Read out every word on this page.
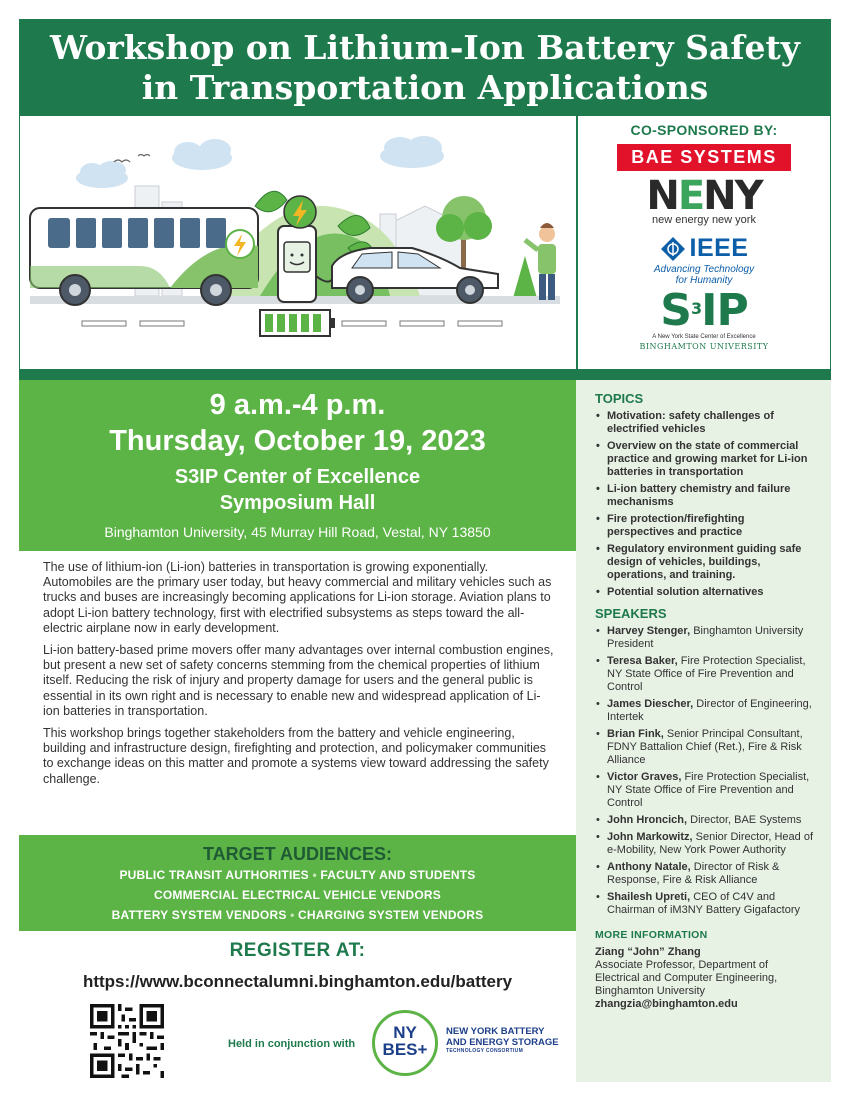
Workshop on Lithium-Ion Battery Safety
in Transportation Applications
CO-SPONSORED BY:
BAE SYSTEMS
NENY
new energy new york
IEEE
Advancing Technology
for Humanity
$S^3IP$
A New York State Center of Excellence
BINGHAMTON UNIVERSITY
9 a.m.-4 p.m.
Thursday, October 19, 2023
S3IP Center of Excellence
Symposium Hall
Binghamton University, 45 Murray Hill Road, Vestal, NY 13850

The use of lithium-ion (Li-ion) batteries in transportation is growing exponentially. Automobiles are the primary user today, but heavy commercial and military vehicles such as trucks and buses are increasingly becoming applications for Li-ion storage. Aviation plans to adopt Li-ion battery technology, first with electrified subsystems as steps toward the all-electric airplane now in early development.

Li-ion battery-based prime movers offer many advantages over internal combustion engines, but present a new set of safety concerns stemming from the chemical properties of lithium itself. Reducing the risk of injury and property damage for users and the general public is essential in its own right and is necessary to enable new and widespread application of Li-ion batteries in transportation.

This workshop brings together stakeholders from the battery and vehicle engineering, building and infrastructure design, firefighting and protection, and policymaker communities to exchange ideas on this matter and promote a systems view toward addressing the safety challenge.

TARGET AUDIENCES:
PUBLIC TRANSIT AUTHORITIES • FACULTY AND STUDENTS
COMMERCIAL ELECTRICAL VEHICLE VENDORS
BATTERY SYSTEM VENDORS • CHARGING SYSTEM VENDORS
REGISTER AT:
https://www.bconnectalumni.binghamton.edu/battery
Held in conjunction with
NY
BES+
NEW YORK BATTERY
AND ENERGY STORAGE
TECHNOLOGY CONSORTIUM
TOPICS
• Motivation: safety challenges of electrified vehicles
• Overview on the state of commercial practice and growing market for Li-ion batteries in transportation
• Li-ion battery chemistry and failure mechanisms
• Fire protection/firefighting perspectives and practice
• Regulatory environment guiding safe design of vehicles, buildings, operations, and training.
• Potential solution alternatives
SPEAKERS
• Harvey Stenger, Binghamton University President
• Teresa Baker, Fire Protection Specialist, NY State Office of Fire Prevention and Control
• James Diescher, Director of Engineering, Intertek
• Brian Fink, Senior Principal Consultant, FDNY Battalion Chief (Ret.), Fire & Risk Alliance
• Victor Graves, Fire Protection Specialist, NY State Office of Fire Prevention and Control
• John Hroncich, Director, BAE Systems
• John Markowitz, Senior Director, Head of e-Mobility, New York Power Authority
• Anthony Natale, Director of Risk & Response, Fire & Risk Alliance
• Shailesh Upreti, CEO of C4V and Chairman of iM3NY Battery Gigafactory
MORE INFORMATION
Ziang “John” Zhang
Associate Professor, Department of Electrical and Computer Engineering, Binghamton University
zhangzia@binghamton.edu
